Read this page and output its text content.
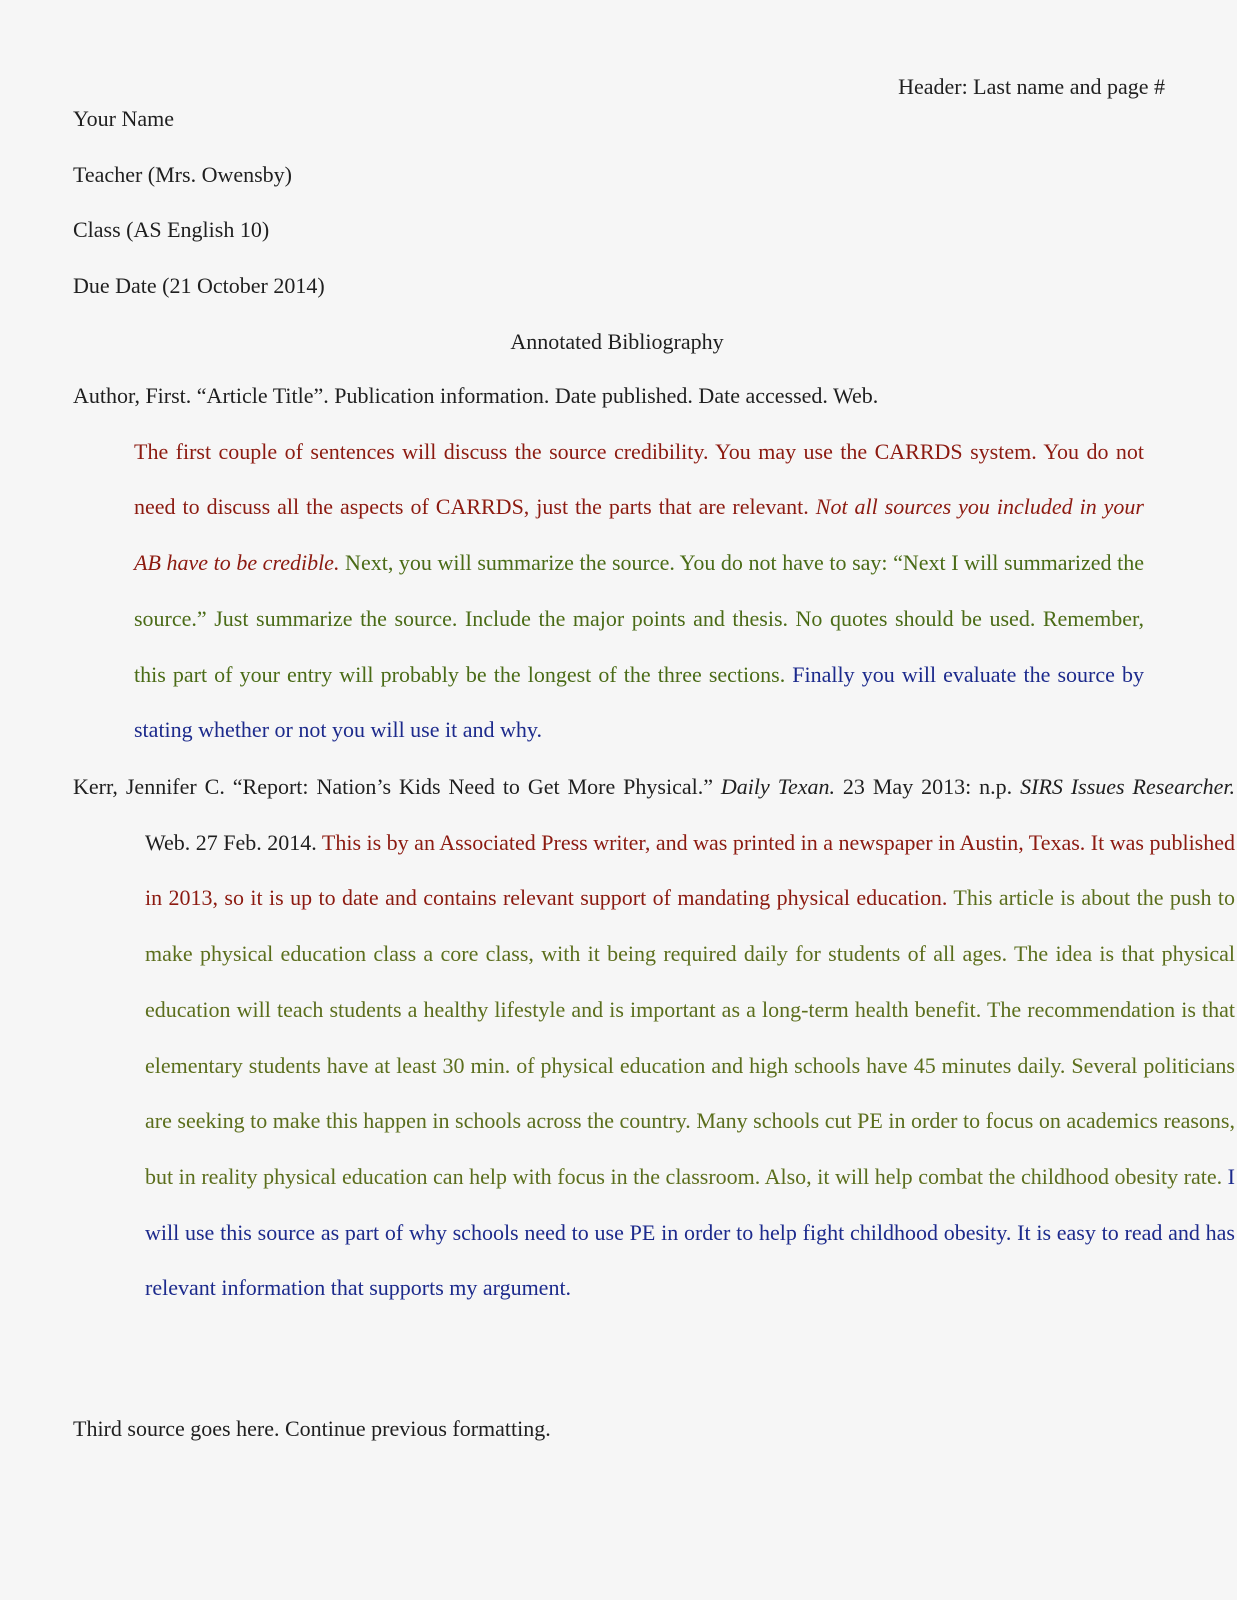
Header: Last name and page #
Your Name
Teacher (Mrs. Owensby)
Class (AS English 10)
Due Date (21 October 2014)
Annotated Bibliography

Author, First. “Article Title”. Publication information. Date published. Date accessed. Web.

The first couple of sentences will discuss the source credibility. You may use the CARRDS system. You do not need to discuss all the aspects of CARRDS, just the parts that are relevant. Not all sources you included in your AB have to be credible. Next, you will summarize the source. You do not have to say: “Next I will summarized the source.” Just summarize the source. Include the major points and thesis. No quotes should be used. Remember, this part of your entry will probably be the longest of the three sections. Finally you will evaluate the source by stating whether or not you will use it and why.

Kerr, Jennifer C. “Report: Nation’s Kids Need to Get More Physical.” Daily Texan. 23 May 2013: n.p. SIRS Issues Researcher. Web. 27 Feb. 2014. This is by an Associated Press writer, and was printed in a newspaper in Austin, Texas. It was published in 2013, so it is up to date and contains relevant support of mandating physical education. This article is about the push to make physical education class a core class, with it being required daily for students of all ages. The idea is that physical education will teach students a healthy lifestyle and is important as a long-term health benefit. The recommendation is that elementary students have at least 30 min. of physical education and high schools have 45 minutes daily. Several politicians are seeking to make this happen in schools across the country. Many schools cut PE in order to focus on academics reasons, but in reality physical education can help with focus in the classroom. Also, it will help combat the childhood obesity rate. I will use this source as part of why schools need to use PE in order to help fight childhood obesity. It is easy to read and has relevant information that supports my argument.

Third source goes here. Continue previous formatting.
